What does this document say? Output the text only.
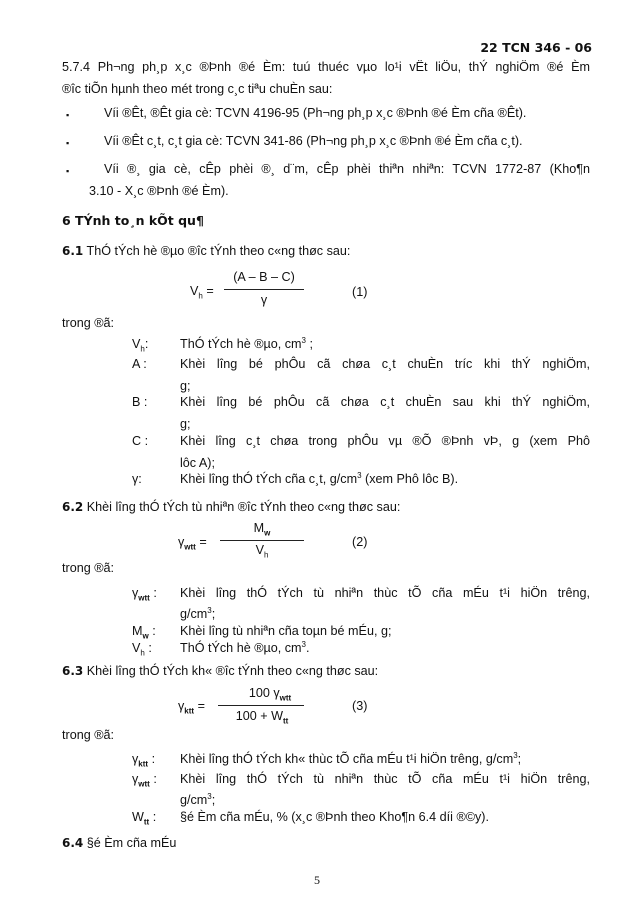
22 TCN 346 - 06
5.7.4 Ph¬ng ph¸p x¸c ®Þnh ®é Èm: tuú thuéc vµo lo¹i vËt liÖu, thÝ nghiÖm ®é Èm
®îc tiÕn hµnh theo mét trong c¸c tiªu chuÈn sau:
▪	Víi ®Êt, ®Êt gia cè: TCVN 4196-95 (Ph¬ng ph¸p x¸c ®Þnh ®é Èm cña ®Êt).
▪	Víi ®Êt c¸t, c¸t gia cè: TCVN 341-86 (Ph¬ng ph¸p x¸c ®Þnh ®é Èm cña c¸t).
▪	Víi ®¸ gia cè, cÊp phèi ®¸ d¨m, cÊp phèi thiªn nhiªn: TCVN 1772-87 (Kho¶n
3.10 - X¸c ®Þnh ®é Èm).
6 TÝnh to¸n kÕt qu¶
6.1 ThÓ tÝch hè ®µo ®îc tÝnh theo c«ng thøc sau:
$V_h$ =
(A – B – C)
γ
(1)
trong ®ã:
$V_h$:	ThÓ tÝch hè ®µo, $cm^3$ ;
A :	Khèi lîng bé phÔu cã chøa c¸t chuÈn tríc khi thÝ nghiÖm,
g;
B :	Khèi lîng bé phÔu cã chøa c¸t chuÈn sau khi thÝ nghiÖm,
g;
C :	Khèi lîng c¸t chøa trong phÔu vµ ®Õ ®Þnh vÞ, g (xem Phô
lôc A);
γ:	Khèi lîng thÓ tÝch cña c¸t, $g/cm^3$ (xem Phô lôc B).
6.2 Khèi lîng thÓ tÝch tù nhiªn ®îc tÝnh theo c«ng thøc sau:
$\gamma_{wtt}$ =
$M_w$
$V_h$
(2)
trong ®ã:
$\gamma_{wtt}$ : Khèi lîng thÓ tÝch tù nhiªn thùc tÕ cña mÉu t¹i hiÖn trêng,
$g/cm^3$;
$M_w$ : Khèi lîng tù nhiªn cña toµn bé mÉu, g;
$V_h$ : ThÓ tÝch hè ®µo, $cm^3$.
6.3 Khèi lîng thÓ tÝch kh« ®îc tÝnh theo c«ng thøc sau:
$\gamma_{ktt}$ =
100 $\gamma_{wtt}$
$100 + W_{tt}$
(3)
trong ®ã:
$\gamma_{ktt}$ : Khèi lîng thÓ tÝch kh« thùc tÕ cña mÉu t¹i hiÖn trêng, $g/cm^3$;
$\gamma_{wtt}$ : Khèi lîng thÓ tÝch tù nhiªn thùc tÕ cña mÉu t¹i hiÖn trêng,
$g/cm^3$;
$W_{tt}$ : §é Èm cña mÉu, % (x¸c ®Þnh theo Kho¶n 6.4 díi ®©y).
6.4 §é Èm cña mÉu
5
